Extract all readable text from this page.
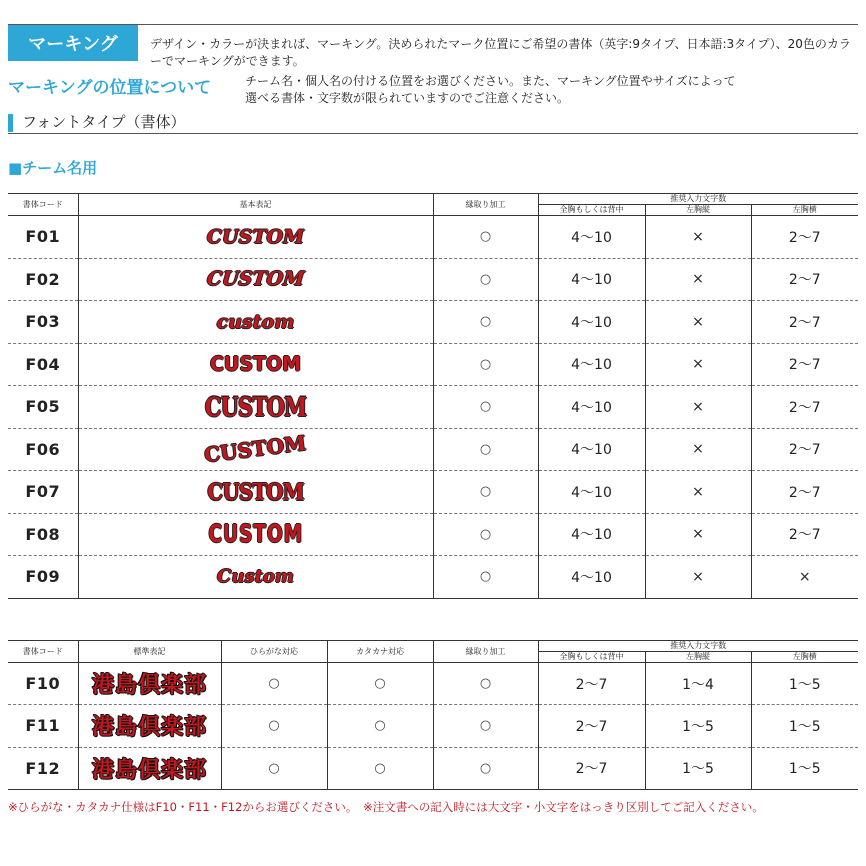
マーキング	デザイン・カラーが決まれば、マーキング。決められたマーク位置にご希望の書体（英字:9タイプ、日本語:3タイプ）、20色のカラーでマーキングができます。
マーキングの位置について	チーム名・個人名の付ける位置をお選びください。また、マーキング位置やサイズによって
選べる書体・文字数が限られていますのでご注意ください。
フォントタイプ（書体）
■チーム名用
書体コード	基本表記	縁取り加工	推奨入力文字数		
			全胸もしくは背中	左胸縦	左胸横
F01	CUSTOM	○	4～10	×	2～7
F02	CUSTOM	○	4～10	×	2～7
F03	custom	○	4～10	×	2～7
F04	CUSTOM	○	4～10	×	2～7
F05	CUSTOM	○	4～10	×	2～7
F06	CUSTOM	○	4～10	×	2～7
F07	CUSTOM	○	4～10	×	2～7
F08	CUSTOM	○	4～10	×	2～7
F09	Custom	○	4～10	×	×
書体コード	標準表記	ひらがな対応	カタカナ対応	縁取り加工	推奨入力文字数		
					全胸もしくは背中	左胸縦	左胸横
F10	港島倶楽部	○	○	○	2～7	1～4	1～5
F11	港島倶楽部	○	○	○	2～7	1～5	1～5
F12	港島倶楽部	○	○	○	2～7	1～5	1～5
※ひらがな・カタカナ仕様はF10・F11・F12からお選びください。　※注文書への記入時には大文字・小文字をはっきり区別してご記入ください。
